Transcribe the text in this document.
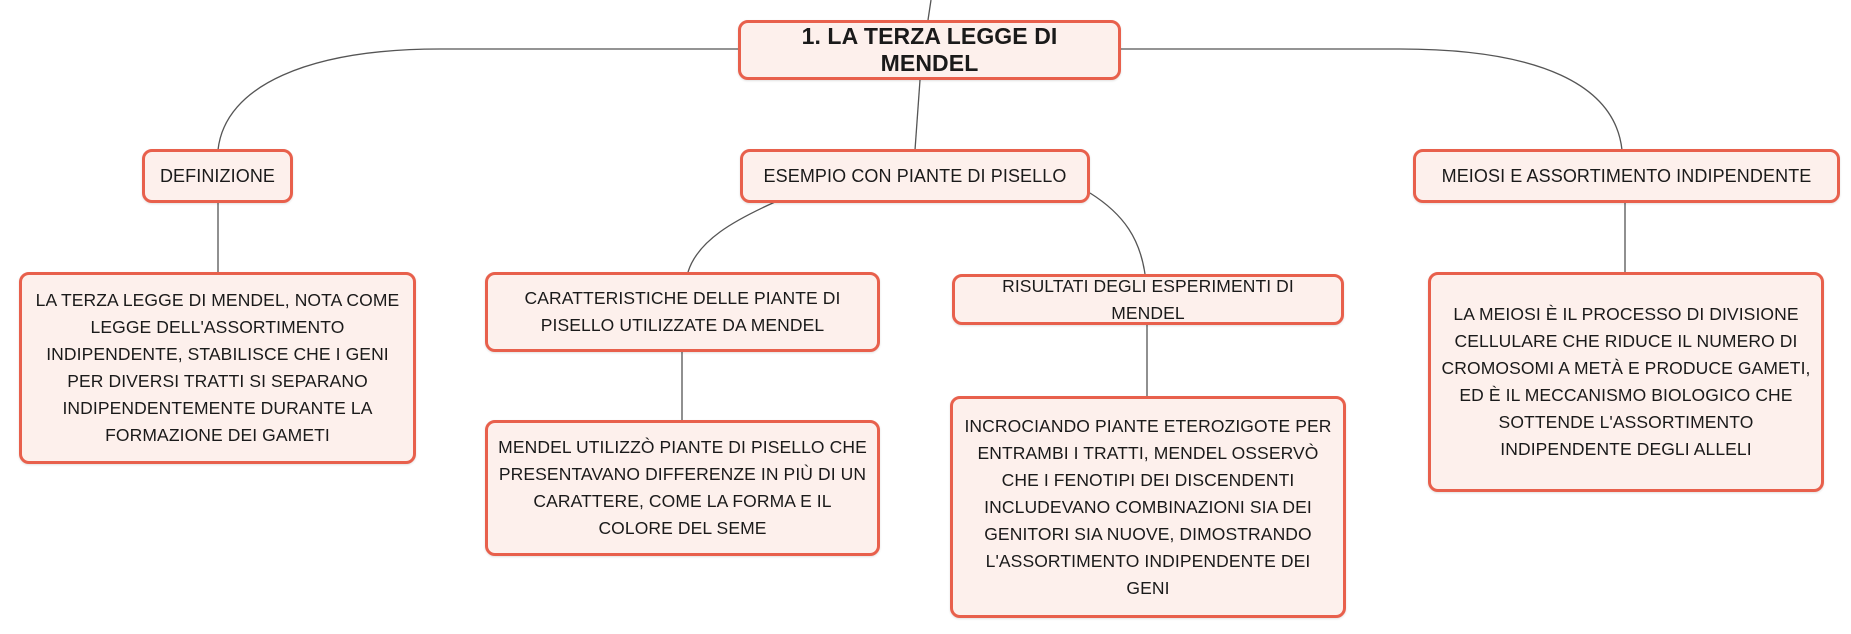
1. LA TERZA LEGGE DI MENDEL
DEFINIZIONE
LA TERZA LEGGE DI MENDEL, NOTA COME LEGGE DELL'ASSORTIMENTO INDIPENDENTE, STABILISCE CHE I GENI PER DIVERSI TRATTI SI SEPARANO INDIPENDENTEMENTE DURANTE LA FORMAZIONE DEI GAMETI
ESEMPIO CON PIANTE DI PISELLO
CARATTERISTICHE DELLE PIANTE DI PISELLO UTILIZZATE DA MENDEL
MENDEL UTILIZZÒ PIANTE DI PISELLO CHE PRESENTAVANO DIFFERENZE IN PIÙ DI UN CARATTERE, COME LA FORMA E IL COLORE DEL SEME
RISULTATI DEGLI ESPERIMENTI DI MENDEL
INCROCIANDO PIANTE ETEROZIGOTE PER ENTRAMBI I TRATTI, MENDEL OSSERVÒ CHE I FENOTIPI DEI DISCENDENTI INCLUDEVANO COMBINAZIONI SIA DEI GENITORI SIA NUOVE, DIMOSTRANDO L'ASSORTIMENTO INDIPENDENTE DEI GENI
MEIOSI E ASSORTIMENTO INDIPENDENTE
LA MEIOSI È IL PROCESSO DI DIVISIONE CELLULARE CHE RIDUCE IL NUMERO DI CROMOSOMI A METÀ E PRODUCE GAMETI, ED È IL MECCANISMO BIOLOGICO CHE SOTTENDE L'ASSORTIMENTO INDIPENDENTE DEGLI ALLELI
